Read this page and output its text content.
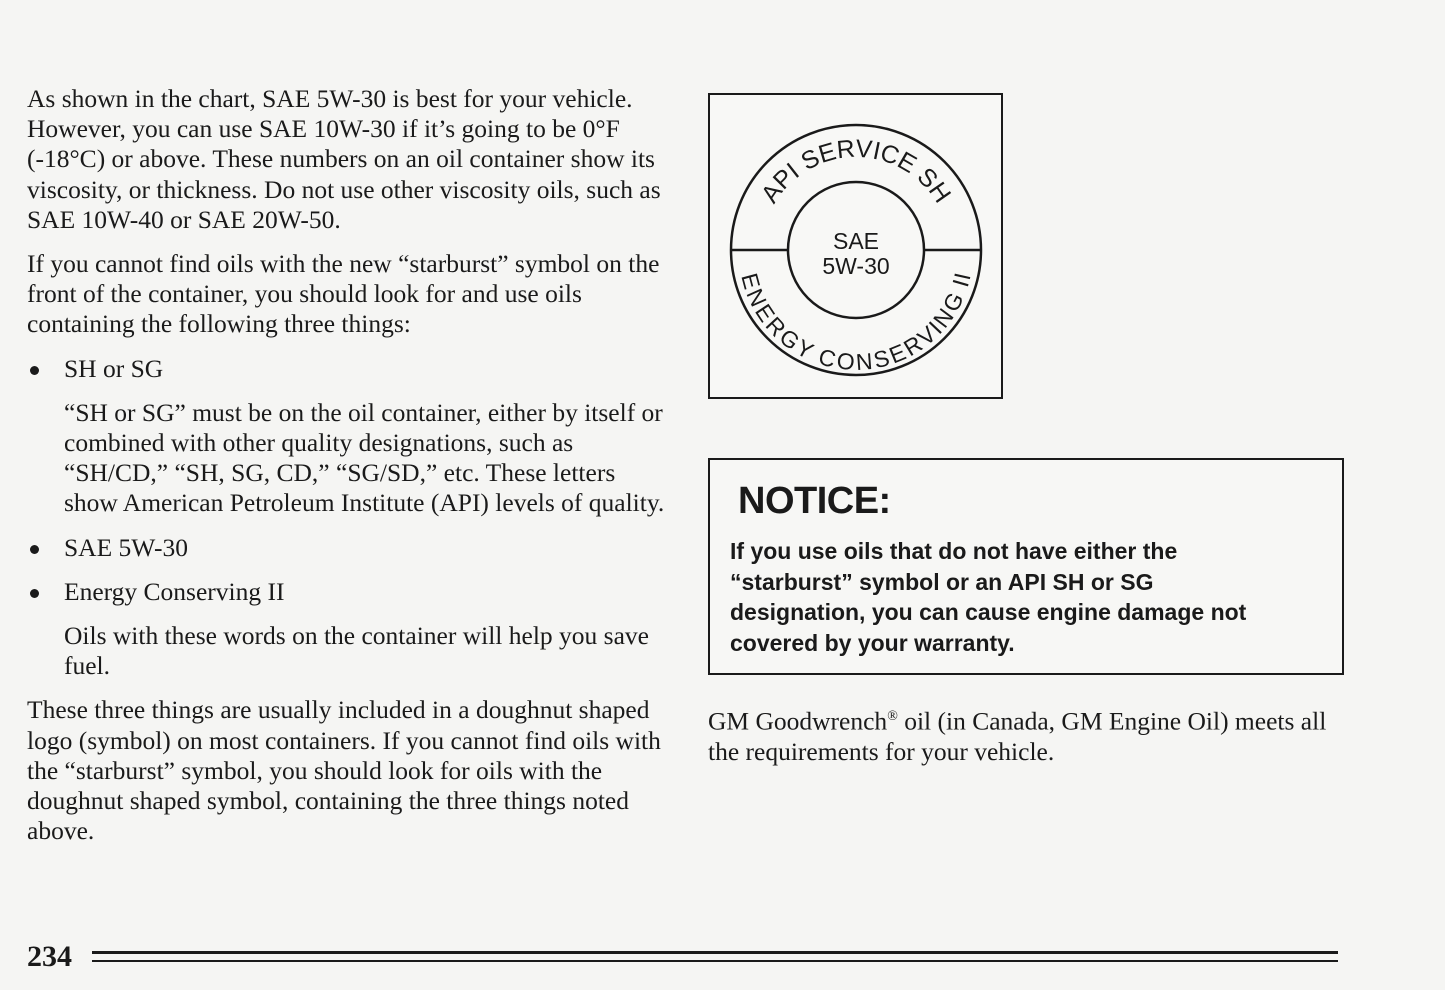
As shown in the chart, SAE 5W-30 is best for your vehicle. However, you can use SAE 10W-30 if it’s going to be 0°F (-18°C) or above. These numbers on an oil container show its viscosity, or thickness. Do not use other viscosity oils, such as SAE 10W-40 or SAE 20W-50.

If you cannot find oils with the new “starburst” symbol on the front of the container, you should look for and use oils containing the following three things:

SH or SG

“SH or SG” must be on the oil container, either by itself or combined with other quality designations, such as “SH/CD,” “SH, SG, CD,” “SG/SD,” etc. These letters show American Petroleum Institute (API) levels of quality.

SAE 5W-30
Energy Conserving II

Oils with these words on the container will help you save fuel.

These three things are usually included in a doughnut shaped logo (symbol) on most containers. If you cannot find oils with the “starburst” symbol, you should look for oils with the doughnut shaped symbol, containing the three things noted above.

API SERVICE SH
ENERGY CONSERVING II
SAE
5W-30
NOTICE:
If you use oils that do not have either the “starburst” symbol or an API SH or SG designation, you can cause engine damage not covered by your warranty.
GM Goodwrench® oil (in Canada, GM Engine Oil) meets all the requirements for your vehicle.
234
